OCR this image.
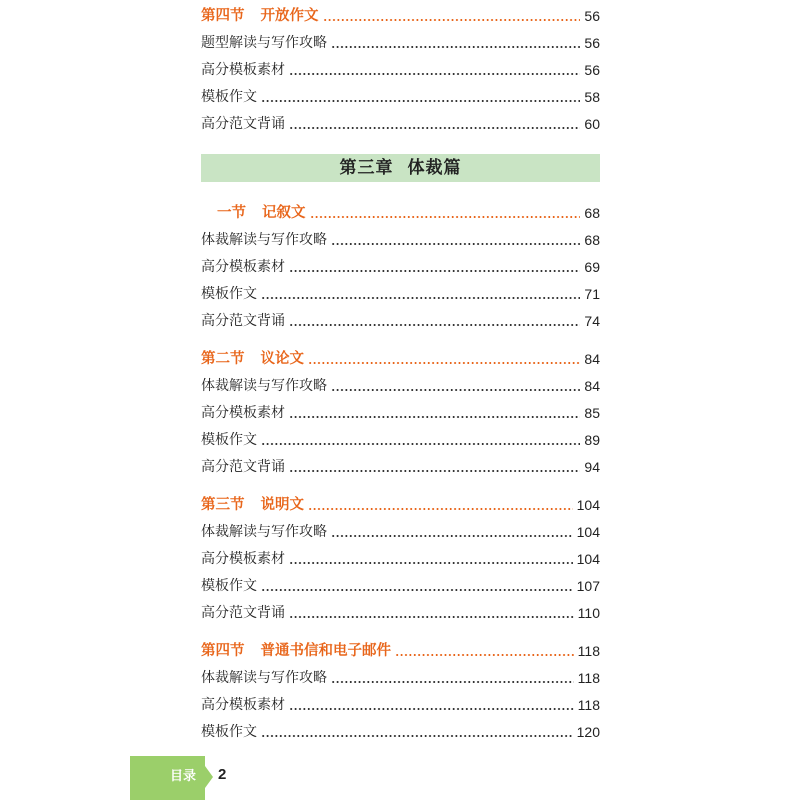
第四节 开放作文	56
题型解读与写作攻略	56
高分模板素材	56
模板作文	58
高分范文背诵	60
第三章 体裁篇
一节 记叙文	68
体裁解读与写作攻略	68
高分模板素材	69
模板作文	71
高分范文背诵	74
第二节 议论文	84
体裁解读与写作攻略	84
高分模板素材	85
模板作文	89
高分范文背诵	94
第三节 说明文	104
体裁解读与写作攻略	104
高分模板素材	104
模板作文	107
高分范文背诵	110
第四节 普通书信和电子邮件	118
体裁解读与写作攻略	118
高分模板素材	118
模板作文	120
目录 2
